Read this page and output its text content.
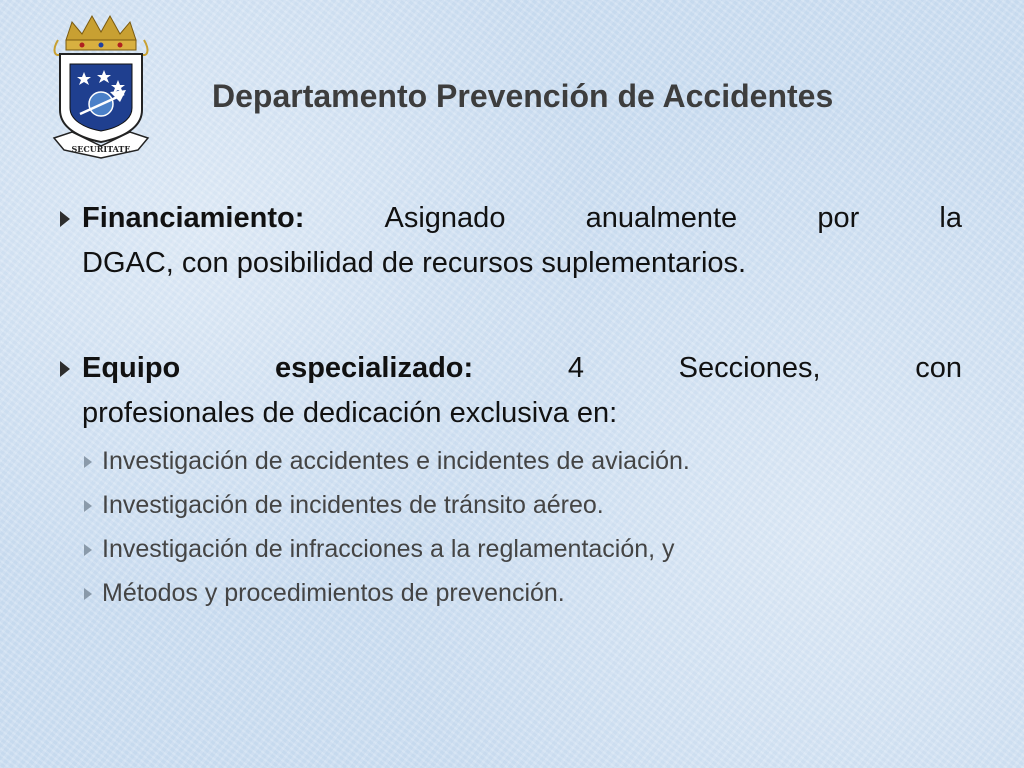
SECURITATE
Departamento Prevención de Accidentes
Financiamiento:	Asignado	anualmente	por	la
DGAC, con posibilidad de recursos suplementarios.
Equipo	especializado:	4	Secciones,	con
profesionales de dedicación exclusiva en:
Investigación de accidentes e incidentes de aviación.
Investigación de incidentes de tránsito aéreo.
Investigación de infracciones a la reglamentación, y
Métodos y procedimientos de prevención.
